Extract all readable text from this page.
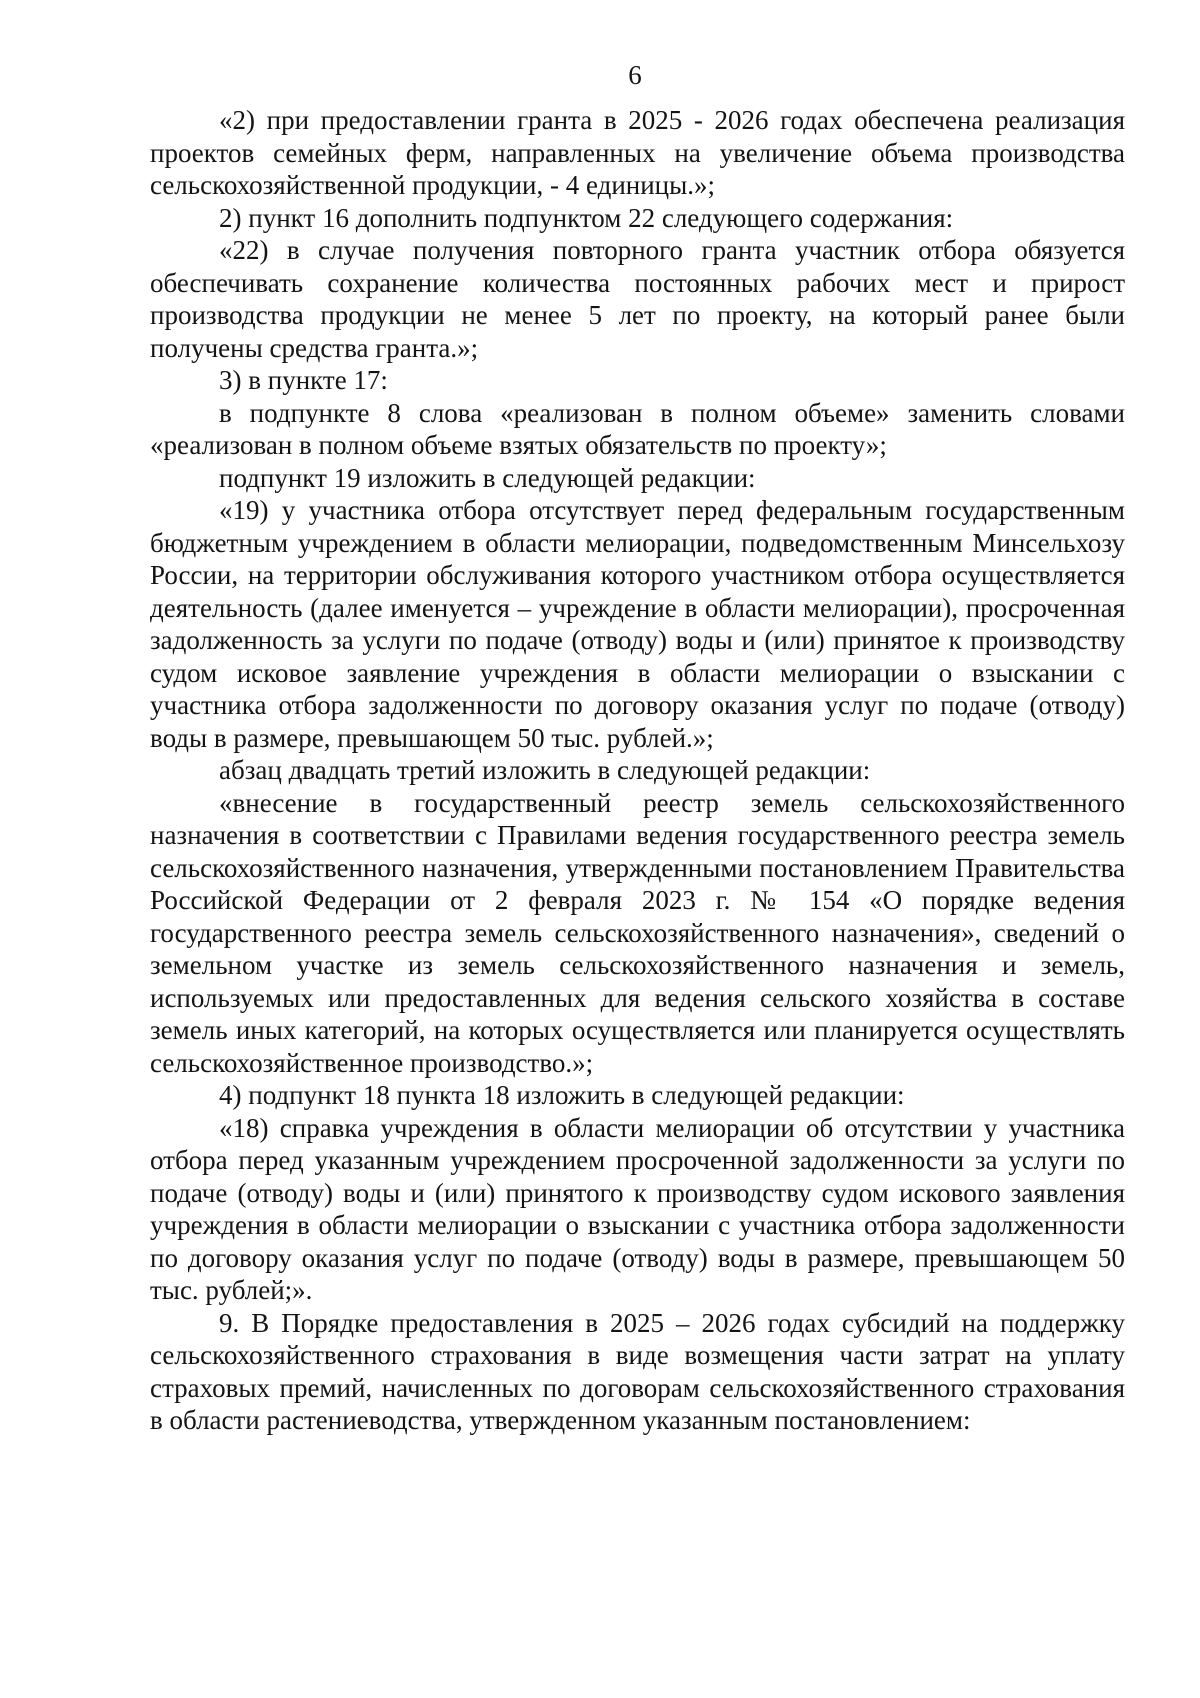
6

«2) при предоставлении гранта в 2025 - 2026 годах обеспечена реализация проектов семейных ферм, направленных на увеличение объема производства сельскохозяйственной продукции, - 4 единицы.»;

2) пункт 16 дополнить подпунктом 22 следующего содержания:

«22) в случае получения повторного гранта участник отбора обязуется обеспечивать сохранение количества постоянных рабочих мест и прирост производства продукции не менее 5 лет по проекту, на который ранее были получены средства гранта.»;

3) в пункте 17:

в подпункте 8 слова «реализован в полном объеме» заменить словами «реализован в полном объеме взятых обязательств по проекту»;

подпункт 19 изложить в следующей редакции:

«19) у участника отбора отсутствует перед федеральным государственным бюджетным учреждением в области мелиорации, подведомственным Минсельхозу России, на территории обслуживания которого участником отбора осуществляется деятельность (далее именуется – учреждение в области мелиорации), просроченная задолженность за услуги по подаче (отводу) воды и (или) принятое к производству судом исковое заявление учреждения в области мелиорации о взыскании с участника отбора задолженности по договору оказания услуг по подаче (отводу) воды в размере, превышающем 50 тыс. рублей.»;

абзац двадцать третий изложить в следующей редакции:

«внесение в государственный реестр земель сельскохозяйственного назначения в соответствии с Правилами ведения государственного реестра земель сельскохозяйственного назначения, утвержденными постановлением Правительства Российской Федерации от 2 февраля 2023 г. № 154 «О порядке ведения государственного реестра земель сельскохозяйственного назначения», сведений о земельном участке из земель сельскохозяйственного назначения и земель, используемых или предоставленных для ведения сельского хозяйства в составе земель иных категорий, на которых осуществляется или планируется осуществлять сельскохозяйственное производство.»;

4) подпункт 18 пункта 18 изложить в следующей редакции:

«18) справка учреждения в области мелиорации об отсутствии у участника отбора перед указанным учреждением просроченной задолженности за услуги по подаче (отводу) воды и (или) принятого к производству судом искового заявления учреждения в области мелиорации о взыскании с участника отбора задолженности по договору оказания услуг по подаче (отводу) воды в размере, превышающем 50 тыс. рублей;».

9. В Порядке предоставления в 2025 – 2026 годах субсидий на поддержку сельскохозяйственного страхования в виде возмещения части затрат на уплату страховых премий, начисленных по договорам сельскохозяйственного страхования в области растениеводства, утвержденном указанным постановлением:
